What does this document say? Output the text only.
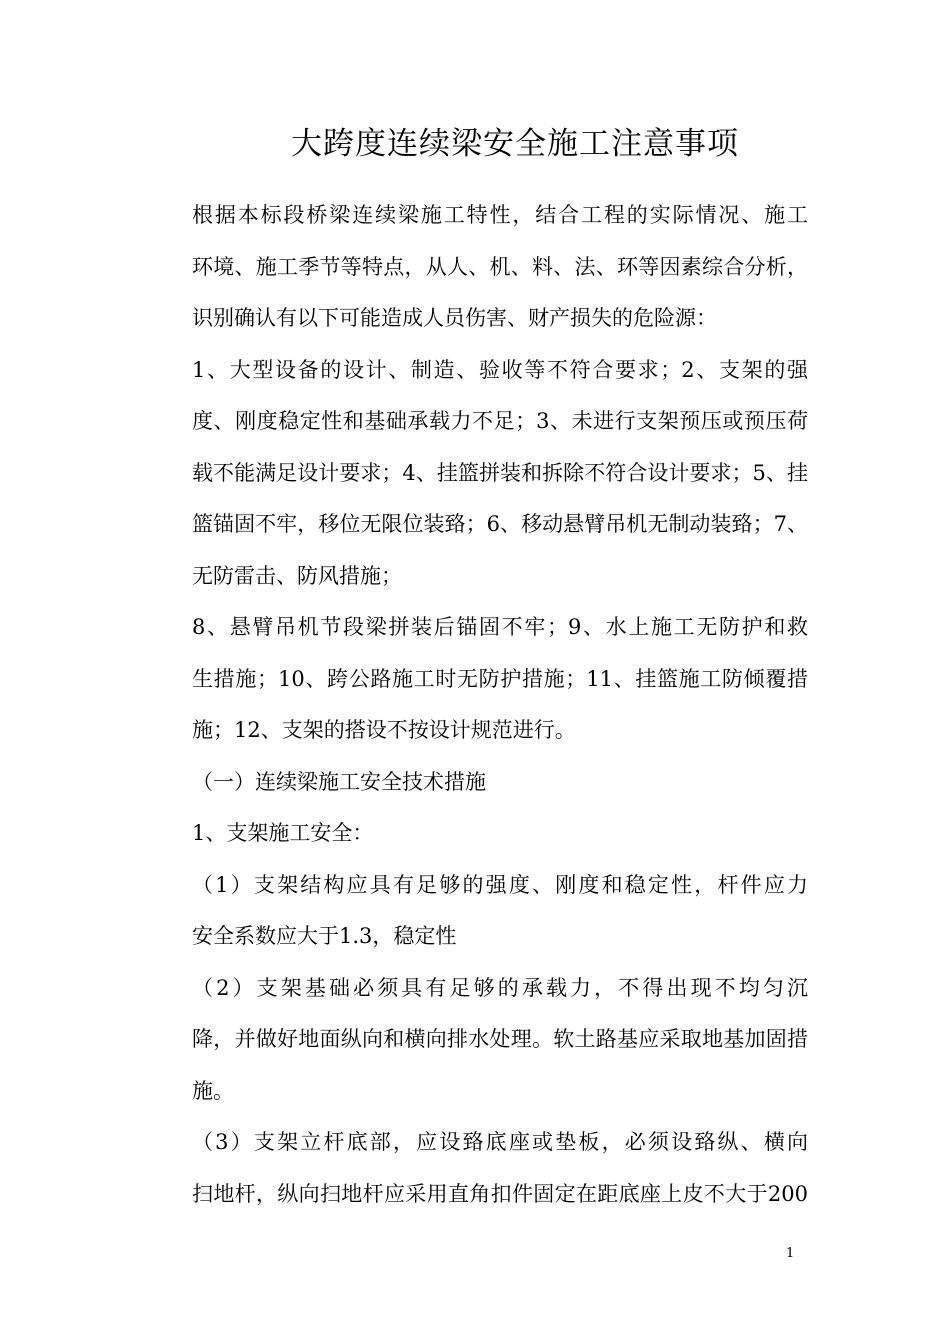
大跨度连续梁安全施工注意事项
根据本标段桥梁连续梁施工特性，结合工程的实际情况、施工
环境、施工季节等特点，从人、机、料、法、环等因素综合分析，
识别确认有以下可能造成人员伤害、财产损失的危险源：
1、大型设备的设计、制造、验收等不符合要求；2、支架的强
度、刚度稳定性和基础承载力不足；3、未进行支架预压或预压荷
载不能满足设计要求；4、挂篮拼装和拆除不符合设计要求；5、挂
篮锚固不牢，移位无限位装臵；6、移动悬臂吊机无制动装臵；7、
无防雷击、防风措施；
8、悬臂吊机节段梁拼装后锚固不牢；9、水上施工无防护和救
生措施；10、跨公路施工时无防护措施；11、挂篮施工防倾覆措
施；12、支架的搭设不按设计规范进行。
（一）连续梁施工安全技术措施
1、支架施工安全：
（1）支架结构应具有足够的强度、刚度和稳定性，杆件应力
安全系数应大于1.3，稳定性
（2）支架基础必须具有足够的承载力，不得出现不均匀沉
降，并做好地面纵向和横向排水处理。软土路基应采取地基加固措
施。
（3）支架立杆底部，应设臵底座或垫板，必须设臵纵、横向
扫地杆，纵向扫地杆应采用直角扣件固定在距底座上皮不大于200
1
